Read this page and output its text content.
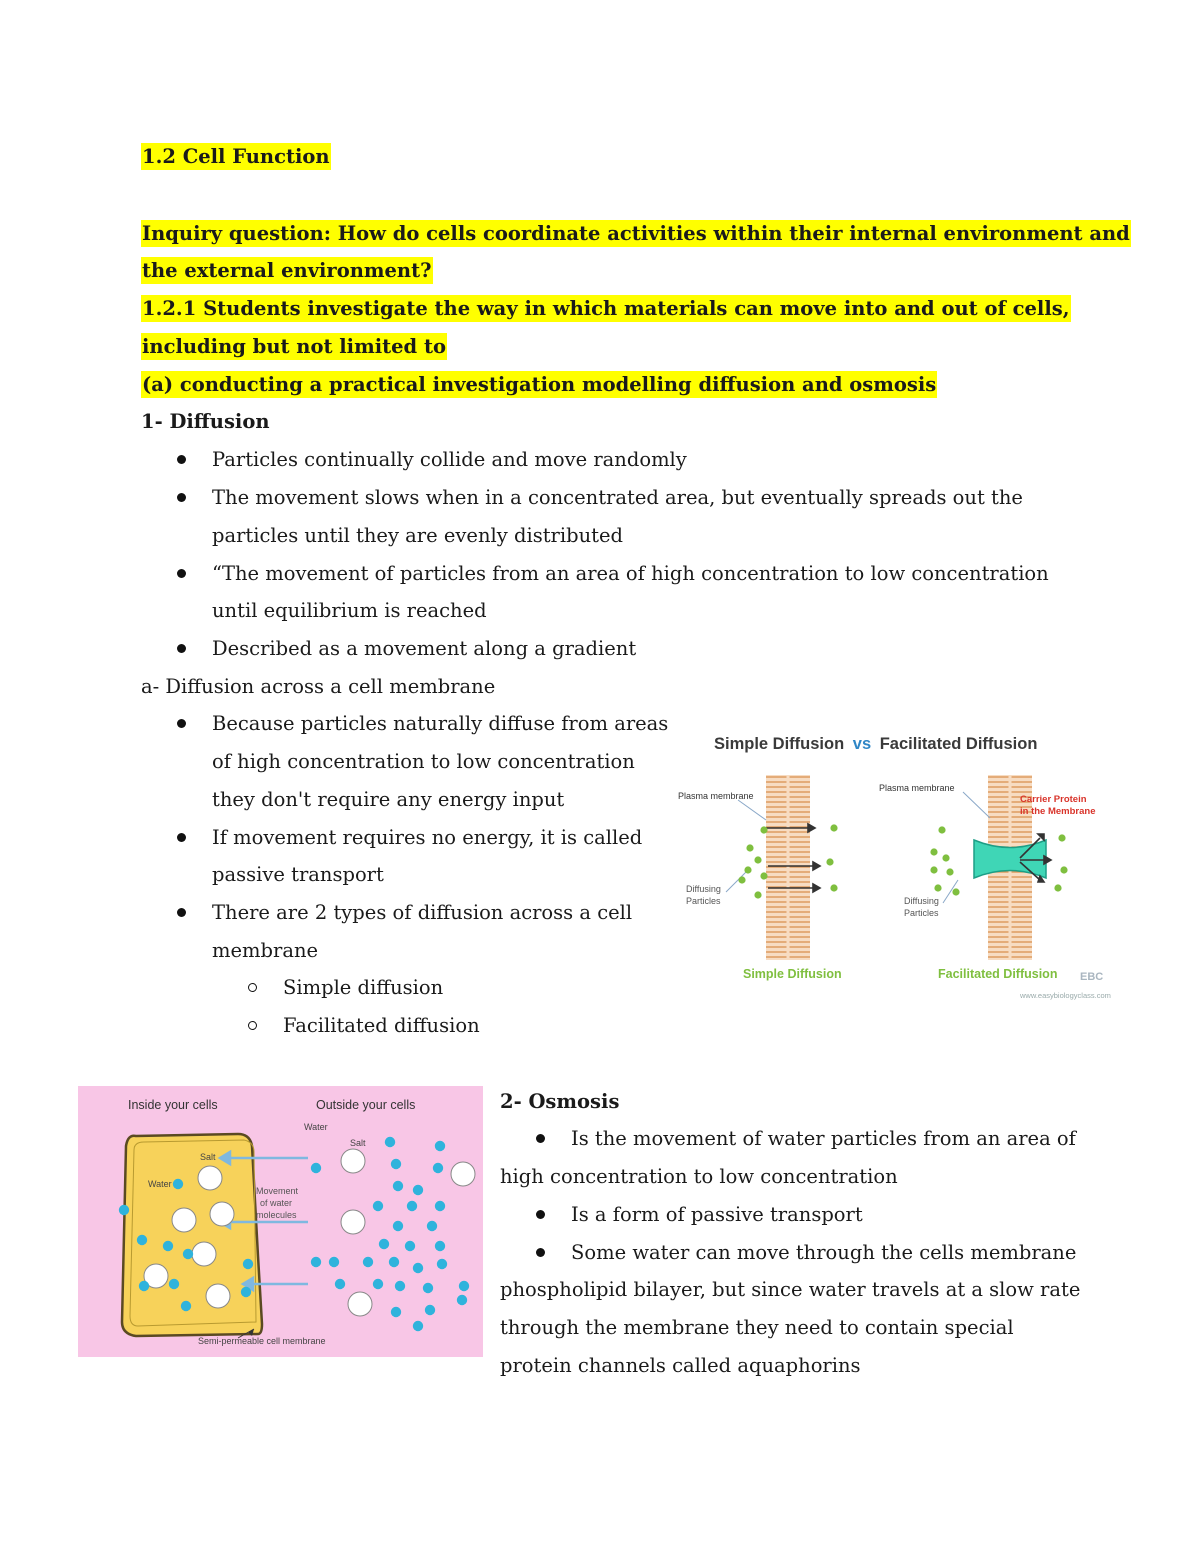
1.2 Cell Function
Inquiry question: How do cells coordinate activities within their internal environment and
the external environment?
1.2.1 Students investigate the way in which materials can move into and out of cells,
including but not limited to
(a) conducting a practical investigation modelling diffusion and osmosis
1- Diffusion
Particles continually collide and move randomly
The movement slows when in a concentrated area, but eventually spreads out the
particles until they are evenly distributed
“The movement of particles from an area of high concentration to low concentration
until equilibrium is reached
Described as a movement along a gradient
a- Diffusion across a cell membrane
Because particles naturally diffuse from areas
of high concentration to low concentration
they don't require any energy input
If movement requires no energy, it is called
passive transport
There are 2 types of diffusion across a cell
membrane
Simple diffusion
Facilitated diffusion
Simple Diffusion vs Facilitated Diffusion
Plasma membrane
Plasma membrane
Carrier Protein
in the Membrane
Diffusing
Particles	Diffusing
Particles
Simple Diffusion	Facilitated Diffusion EBC
www.easybiologyclass.com
Inside your cells	Outside your cells
Water
Salt
Salt
Water
Movement
of water
molecules
Semi-permeable cell membrane
2- Osmosis
Is the movement of water particles from an area of
high concentration to low concentration
Is a form of passive transport
Some water can move through the cells membrane
phospholipid bilayer, but since water travels at a slow rate
through the membrane they need to contain special
protein channels called aquaphorins
